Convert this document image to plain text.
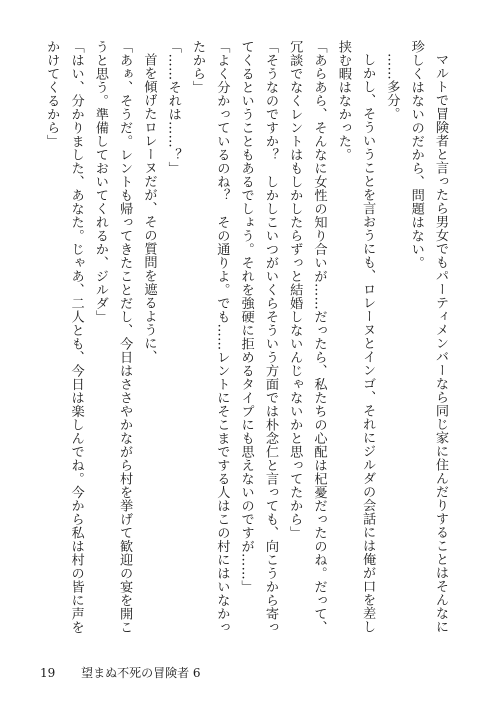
マルトで冒険者と言ったら男女でもパーティメンバーなら同じ家に住んだりすることはそんなに
珍しくはないのだから、問題はない。
……多分。
しかし、そういうことを言おうにも、ロレーヌとインゴ、それにジルダの会話には俺が口を差し
挟む暇はなかった。
「あらあら、そんなに女性の知り合いが……だったら、私たちの心配は杞憂だったのね。だって、
冗談でなくレントはもしかしたらずっと結婚しないんじゃないかと思ってたから」
「そうなのですか？　しかしこいつがいくらそういう方面では朴念仁と言っても、向こうから寄っ
てくるということもあるでしょう。それを強硬に拒めるタイプにも思えないのですが……」
「よく分かっているのね？　その通りよ。でも……レントにそこまでする人はこの村にはいなかっ
たから」
「……それは……？」
首を傾げたロレーヌだが、その質問を遮るように、
「あぁ、そうだ。レントも帰ってきたことだし、今日はささやかながら村を挙げて歓迎の宴を開こ
うと思う。準備しておいてくれるか、ジルダ」
「はい、分かりました、あなた。じゃあ、二人とも、今日は楽しんでね。今から私は村の皆に声を
かけてくるから」
19 望まぬ不死の冒険者 6
